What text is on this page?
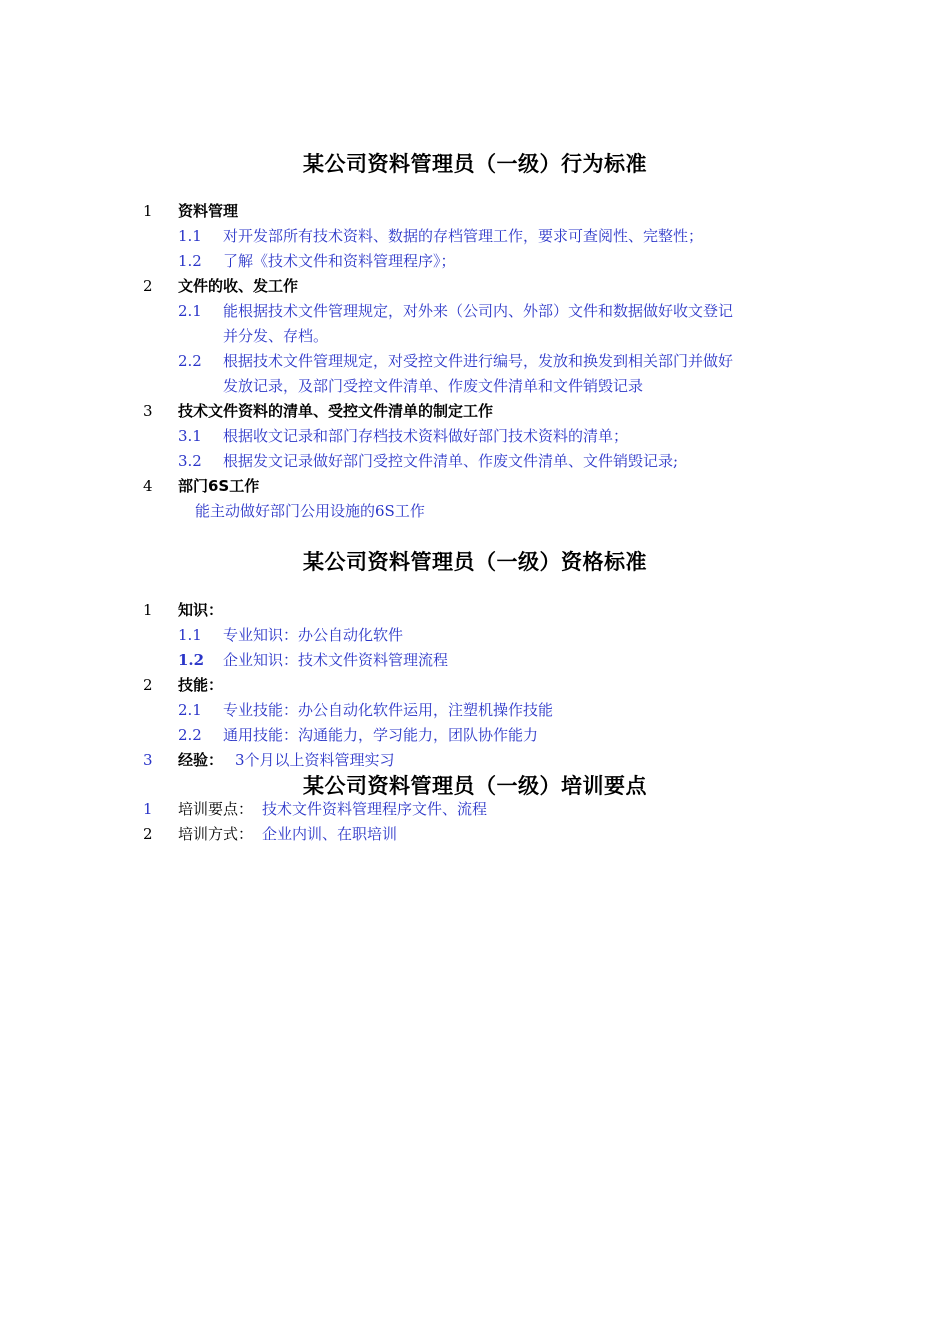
某公司资料管理员（一级）行为标准
1	资料管理
1.1	对开发部所有技术资料、数据的存档管理工作，要求可查阅性、完整性；
1.2	了解《技术文件和资料管理程序》；
2	文件的收、发工作
2.1	能根据技术文件管理规定，对外来（公司内、外部）文件和数据做好收文登记
并分发、存档。
2.2	根据技术文件管理规定，对受控文件进行编号，发放和换发到相关部门并做好
发放记录，及部门受控文件清单、作废文件清单和文件销毁记录
3	技术文件资料的清单、受控文件清单的制定工作
3.1	根据收文记录和部门存档技术资料做好部门技术资料的清单；
3.2	根据发文记录做好部门受控文件清单、作废文件清单、文件销毁记录;
4	部门6S工作
能主动做好部门公用设施的6S工作
某公司资料管理员（一级）资格标准
1	知识：
1.1	专业知识：办公自动化软件
1.2	企业知识：技术文件资料管理流程
2	技能：
2.1	专业技能：办公自动化软件运用，注塑机操作技能
2.2	通用技能：沟通能力，学习能力，团队协作能力
3	经验： 3个月以上资料管理实习
某公司资料管理员（一级）培训要点
1	培训要点： 技术文件资料管理程序文件、流程
2	培训方式： 企业内训、在职培训
